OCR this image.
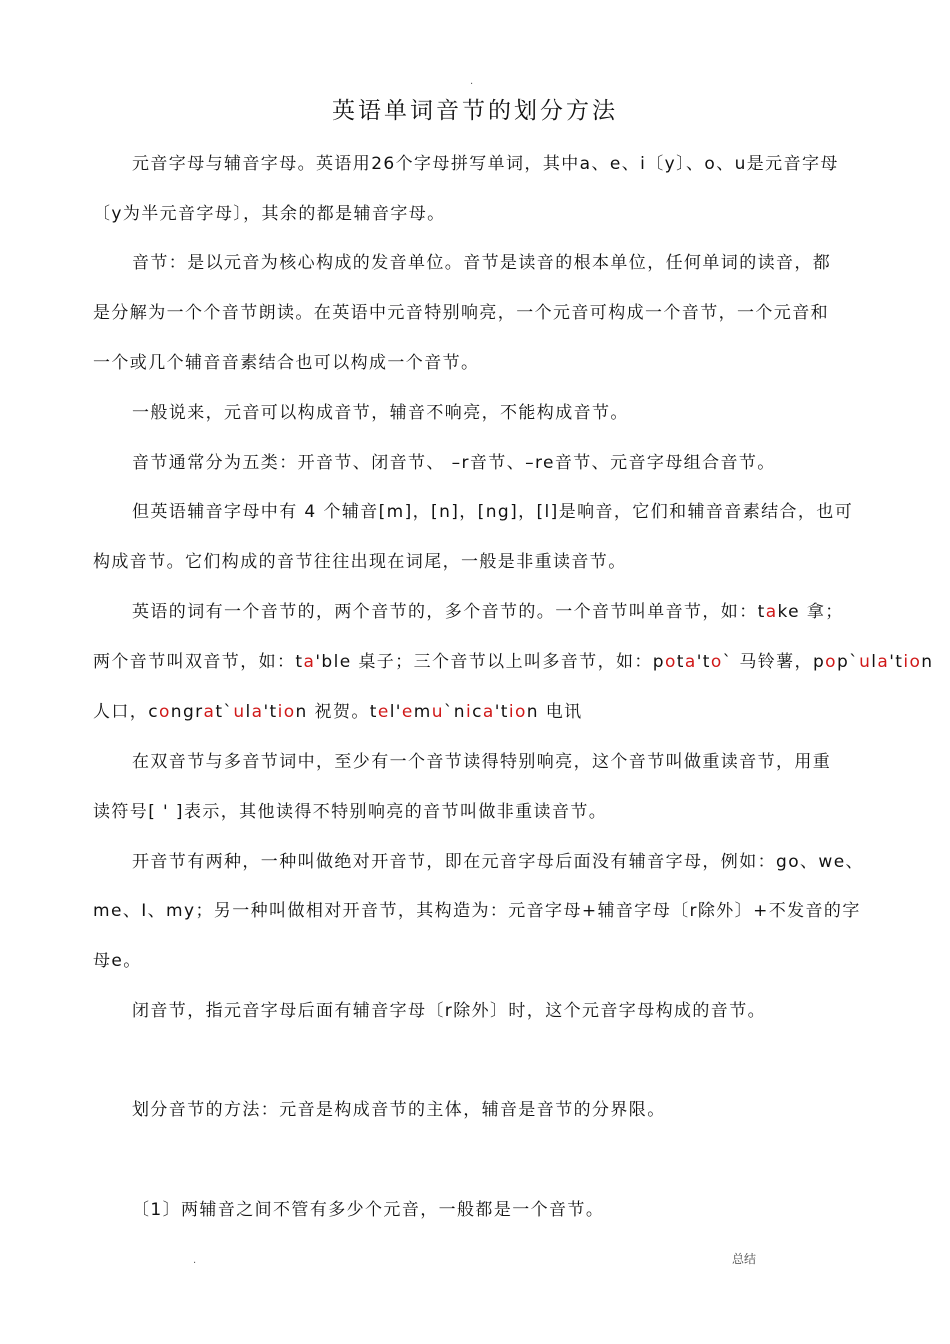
.
英语单词音节的划分方法
元音字母与辅音字母。英语用26个字母拼写单词，其中a、e、i〔y〕、o、u是元音字母
〔y为半元音字母〕，其余的都是辅音字母。
音节：是以元音为核心构成的发音单位。音节是读音的根本单位，任何单词的读音，都
是分解为一个个音节朗读。在英语中元音特别响亮，一个元音可构成一个音节，一个元音和
一个或几个辅音音素结合也可以构成一个音节。
一般说来，元音可以构成音节，辅音不响亮，不能构成音节。
音节通常分为五类：开音节、闭音节、 –r音节、–re音节、元音字母组合音节。
但英语辅音字母中有 4 个辅音[m]，[n]，[ng]，[l]是响音，它们和辅音音素结合，也可
构成音节。它们构成的音节往往出现在词尾，一般是非重读音节。
英语的词有一个音节的，两个音节的，多个音节的。一个音节叫单音节，如：take 拿；
两个音节叫双音节，如：ta'ble 桌子；三个音节以上叫多音节，如：pota'to` 马铃薯，pop`ula'tion
人口，congrat`ula'tion 祝贺。tel'emu`nica'tion 电讯
在双音节与多音节词中，至少有一个音节读得特别响亮，这个音节叫做重读音节，用重
读符号[ ' ]表示，其他读得不特别响亮的音节叫做非重读音节。
开音节有两种，一种叫做绝对开音节，即在元音字母后面没有辅音字母，例如：go、we、
me、I、my；另一种叫做相对开音节，其构造为：元音字母+辅音字母〔r除外〕+不发音的字
母e。
闭音节，指元音字母后面有辅音字母〔r除外〕时，这个元音字母构成的音节。
划分音节的方法：元音是构成音节的主体，辅音是音节的分界限。
〔1〕两辅音之间不管有多少个元音，一般都是一个音节。
.	总结
